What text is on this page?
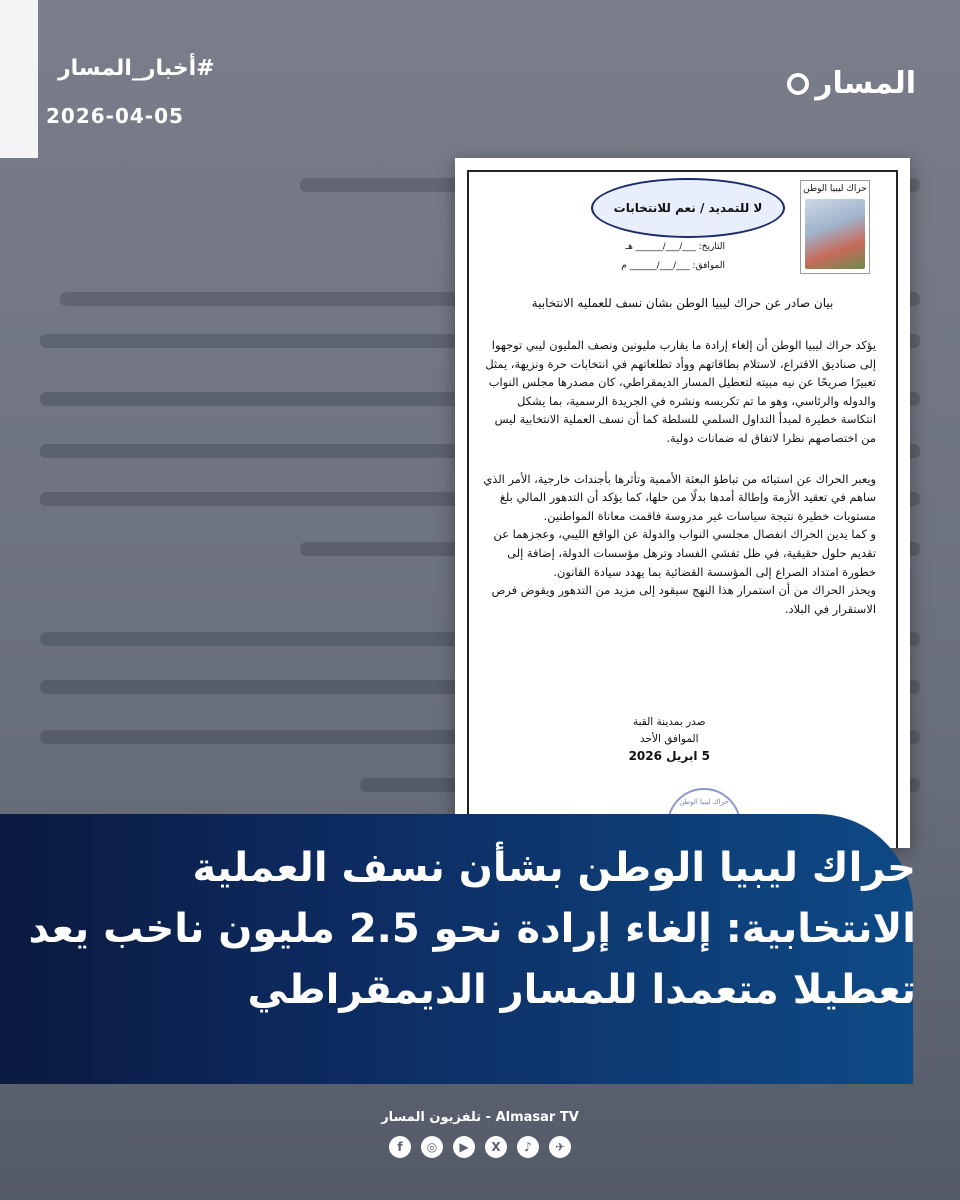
#أخبار_المسار
2026-04-05
المسار
حراك ليبيا الوطن
لا للتمديد / نعم للانتخابات
التاريخ: ___/___/______ هـ
الموافق: ___/___/______ م
بيان صادر عن حراك ليبيا الوطن بشان نسف للعمليه الانتخابية

يؤكد حراك ليبيا الوطن أن إلغاء إرادة ما يقارب مليونين ونصف المليون ليبي توجهوا إلى صناديق الاقتراع، لاستلام بطاقاتهم ووأد تطلعاتهم في انتخابات حرة ونزيهة، يمثل تعبيرًا صريحًا عن نيه مبيته لتعطيل المسار الديمقراطي، كان مصدرها مجلس النواب والدوله والرئاسي، وهو ما تم تكريسه ونشره في الجريدة الرسمية، بما يشكل انتكاسة خطيرة لمبدأ التداول السلمي للسلطة كما أن نسف العملية الانتخابية ليس من اختصاصهم نظرا لاتفاق له ضمانات دولية.

ويعبر الحراك عن استيائه من تباطؤ البعثة الأممية وتأثرها بأجندات خارجية، الأمر الذي ساهم في تعقيد الأزمة وإطالة أمدها بدلًا من حلها، كما يؤكد أن التدهور المالي بلغ مستويات خطيرة نتيجة سياسات غير مدروسة فاقمت معاناة المواطنين.

و كما يدين الحراك انفصال مجلسي النواب والدولة عن الواقع الليبي، وعجزهما عن تقديم حلول حقيقية، في ظل تفشي الفساد وترهل مؤسسات الدولة، إضافة إلى خطورة امتداد الصراع إلى المؤسسة القضائية بما يهدد سيادة القانون.

ويحذر الحراك من أن استمرار هذا النهج سيقود إلى مزيد من التدهور ويقوض فرص الاستقرار في البلاد.

صدر بمدينة القبة
الموافق الأحد
5 ابريل 2026
حراك ليبيا الوطن
حراك ليبيا الوطن بشأن نسف العملية الانتخابية: إلغاء إرادة نحو 2.5 مليون ناخب يعد تعطيلا متعمدا للمسار الديمقراطي
تلفزيون المسار - Almasar TV
f	◎	▶	X	♪	✈
